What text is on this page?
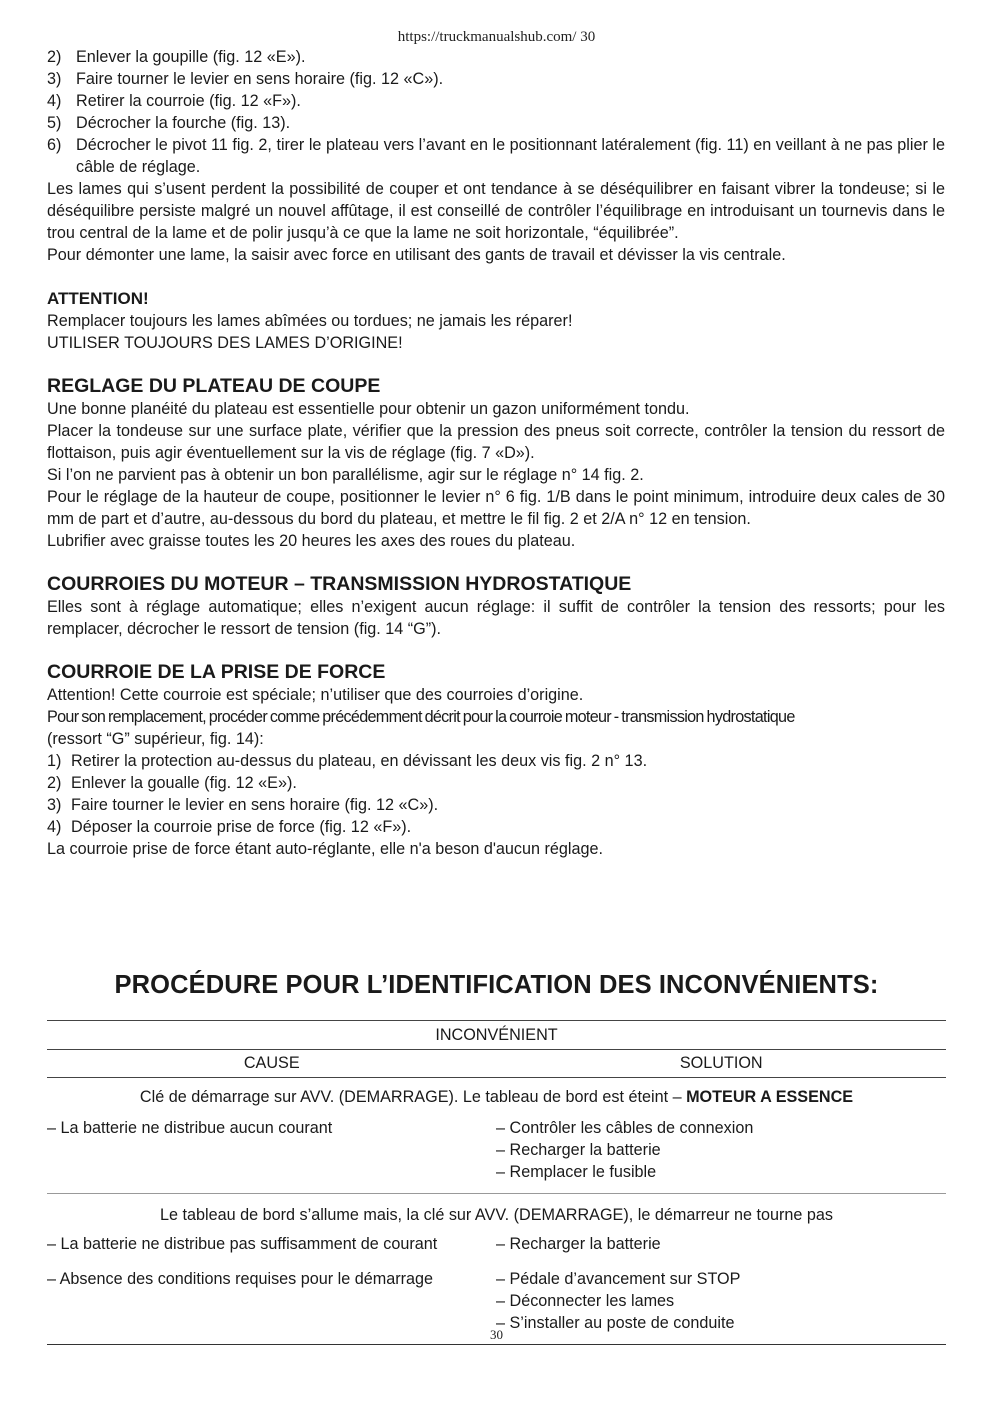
https://truckmanualshub.com/ 30
2) Enlever la goupille (fig. 12 «E»).
3) Faire tourner le levier en sens horaire (fig. 12 «C»).
4) Retirer la courroie (fig. 12 «F»).
5) Décrocher la fourche (fig. 13).
6) Décrocher le pivot 11 fig. 2, tirer le plateau vers l’avant en le positionnant latéralement (fig. 11) en veillant à ne pas plier le câble de réglage.

Les lames qui s’usent perdent la possibilité de couper et ont tendance à se déséquilibrer en faisant vibrer la tondeuse; si le déséquilibre persiste malgré un nouvel affûtage, il est conseillé de contrôler l’équilibrage en introduisant un tournevis dans le trou central de la lame et de polir jusqu’à ce que la lame ne soit horizontale, “équilibrée”.

Pour démonter une lame, la saisir avec force en utilisant des gants de travail et dévisser la vis centrale.

ATTENTION!

Remplacer toujours les lames abîmées ou tordues; ne jamais les réparer!

UTILISER TOUJOURS DES LAMES D’ORIGINE!

REGLAGE DU PLATEAU DE COUPE

Une bonne planéité du plateau est essentielle pour obtenir un gazon uniformément tondu.

Placer la tondeuse sur une surface plate, vérifier que la pression des pneus soit correcte, contrôler la tension du ressort de flottaison, puis agir éventuellement sur la vis de réglage (fig. 7 «D»).

Si l’on ne parvient pas à obtenir un bon parallélisme, agir sur le réglage n° 14 fig. 2.

Pour le réglage de la hauteur de coupe, positionner le levier n° 6 fig. 1/B dans le point minimum, introduire deux cales de 30 mm de part et d’autre, au-dessous du bord du plateau, et mettre le fil fig. 2 et 2/A n° 12 en tension.

Lubrifier avec graisse toutes les 20 heures les axes des roues du plateau.

COURROIES DU MOTEUR – TRANSMISSION HYDROSTATIQUE

Elles sont à réglage automatique; elles n’exigent aucun réglage: il suffit de contrôler la tension des ressorts; pour les remplacer, décrocher le ressort de tension (fig. 14 “G”).

COURROIE DE LA PRISE DE FORCE

Attention! Cette courroie est spéciale; n’utiliser que des courroies d’origine.

Pour son remplacement, procéder comme précédemment décrit pour la courroie moteur - transmission hydrostatique

(ressort “G” supérieur, fig. 14):

1) Retirer la protection au-dessus du plateau, en dévissant les deux vis fig. 2 n° 13.
2) Enlever la goualle (fig. 12 «E»).
3) Faire tourner le levier en sens horaire (fig. 12 «C»).
4) Déposer la courroie prise de force (fig. 12 «F»).

La courroie prise de force étant auto-réglante, elle n'a beson d'aucun réglage.

PROCÉDURE POUR L’IDENTIFICATION DES INCONVÉNIENTS:
INCONVÉNIENT
CAUSE	SOLUTION
Clé de démarrage sur AVV. (DEMARRAGE). Le tableau de bord est éteint – MOTEUR A ESSENCE
– La batterie ne distribue aucun courant	– Contrôler les câbles de connexion
– Recharger la batterie
– Remplacer le fusible
Le tableau de bord s’allume mais, la clé sur AVV. (DEMARRAGE), le démarreur ne tourne pas
– La batterie ne distribue pas suffisamment de courant	– Recharger la batterie
– Absence des conditions requises pour le démarrage	– Pédale d’avancement sur STOP
– Déconnecter les lames
– S’installer au poste de conduite
30
